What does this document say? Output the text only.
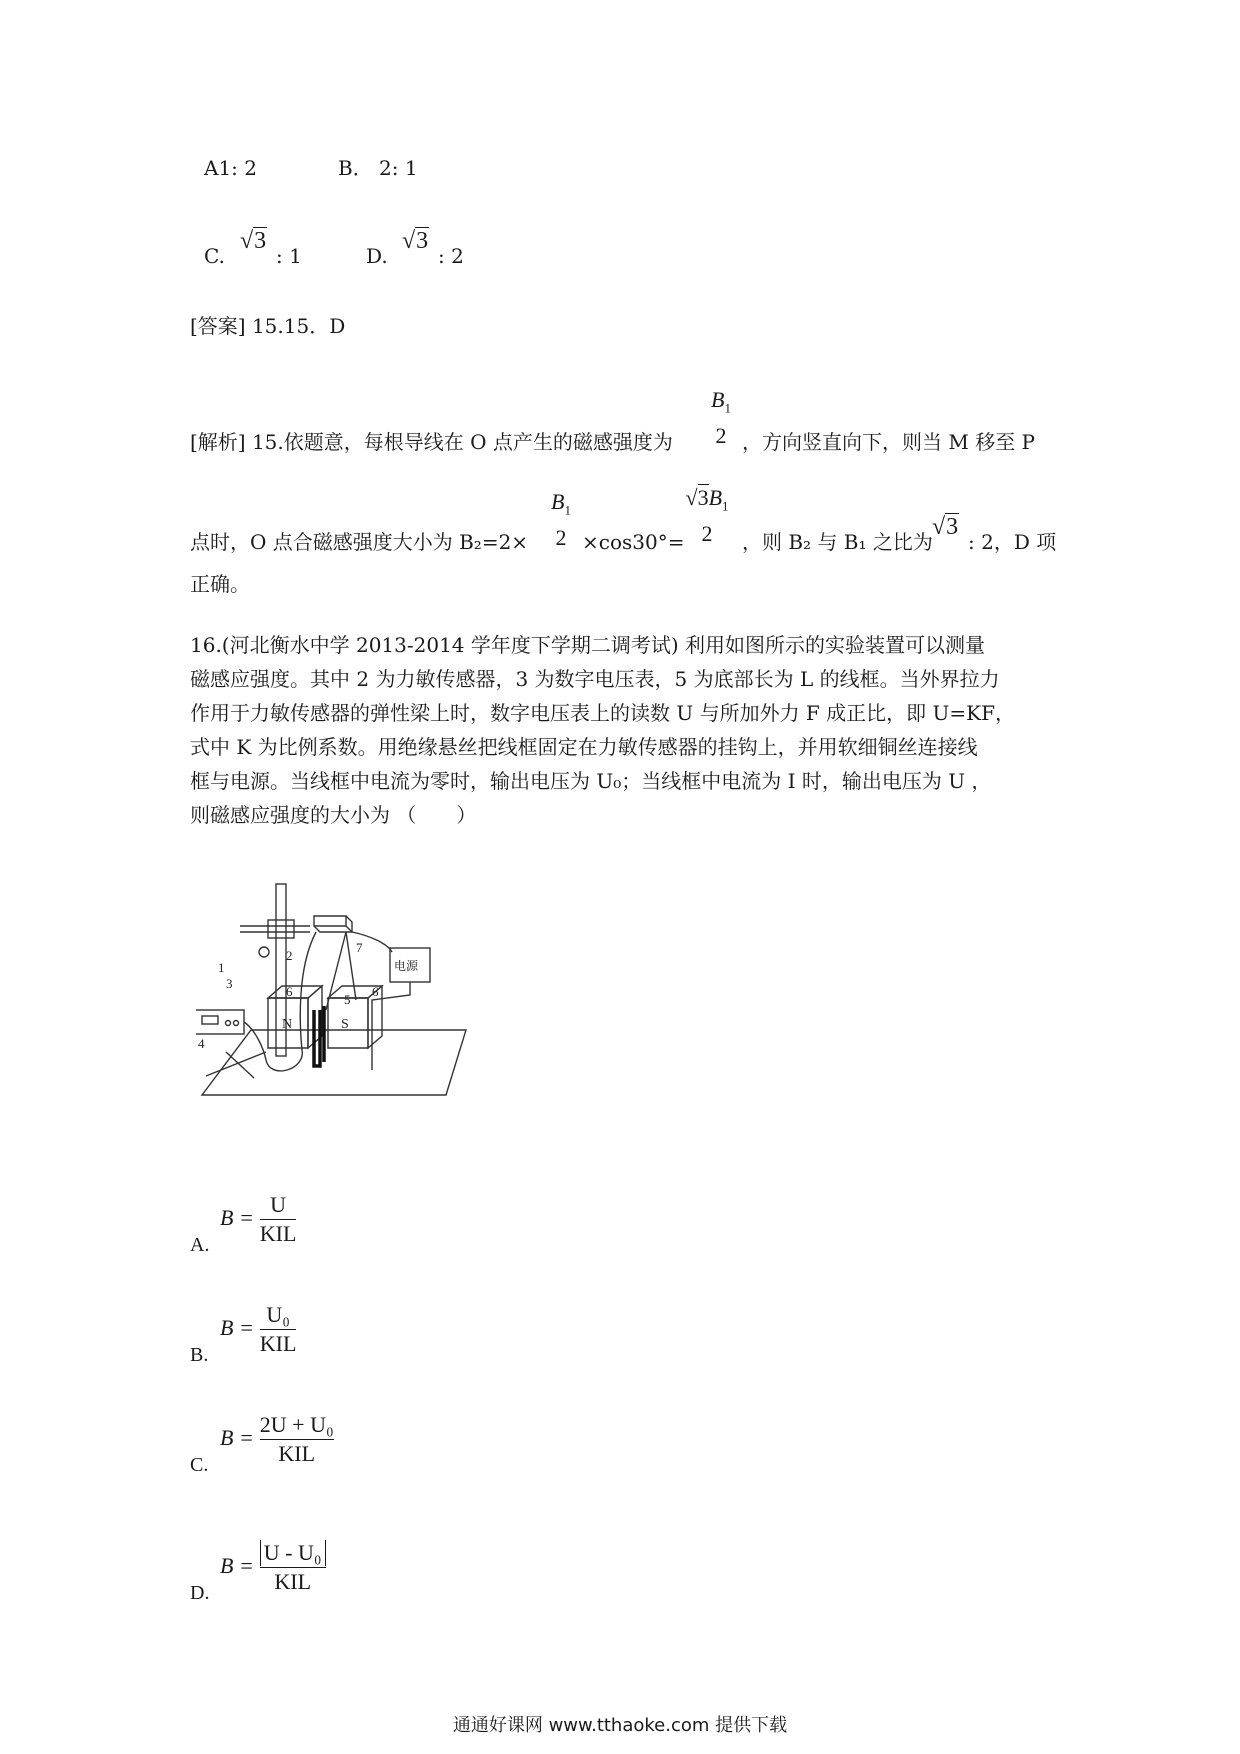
A1: 2	B． 2: 1
C.
√3
: 1	D.
√3
: 2
[答案] 15.15．D
[解析] 15.依题意，每根导线在 O 点产生的磁感强度为
$B_1$
2 ，方向竖直向下，则当 M 移至 P
点时，O 点合磁感强度大小为 B₂=2×
$B_1$
2 ×cos30°=
$√3B_1$
2	，则 B₂ 与 B₁ 之比为
√3
: 2，D 项
正确。
16.(河北衡水中学 2013-2014 学年度下学期二调考试) 利用如图所示的实验装置可以测量
磁感应强度。其中 2 为力敏传感器，3 为数字电压表，5 为底部长为 L 的线框。当外界拉力
作用于力敏传感器的弹性梁上时，数字电压表上的读数 U 与所加外力 F 成正比，即 U=KF，
式中 K 为比例系数。用绝缘悬丝把线框固定在力敏传感器的挂钩上，并用软细铜丝连接线
框与电源。当线框中电流为零时，输出电压为 U₀；当线框中电流为 I 时，输出电压为 U ，
则磁感应强度的大小为 （　　）
1
2
3
4
5
6	6
7
电源
N	S
A.
B =
U
KIL
B.
B =
U₀
KIL
C.
B =
2U + U₀
KIL
D.
B =
U - U₀
KIL
通通好课网 www.tthaoke.com 提供下载
